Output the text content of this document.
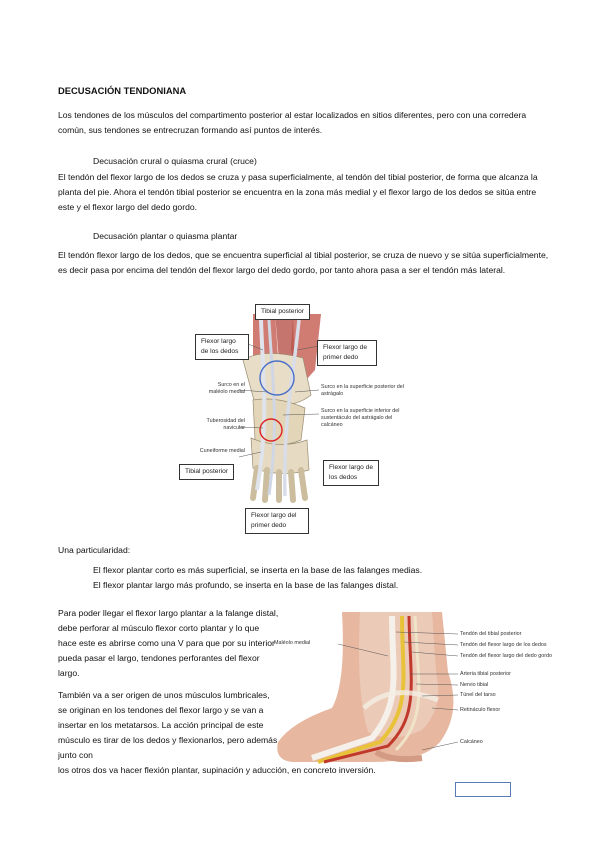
DECUSACIÓN TENDONIANA
Los tendones de los músculos del compartimento posterior al estar localizados en sitios diferentes, pero con una corredera común, sus tendones se entrecruzan formando así puntos de interés.
Decusación crural o quiasma crural (cruce)
El tendón del flexor largo de los dedos se cruza y pasa superficialmente, al tendón del tibial posterior, de forma que alcanza la planta del pie. Ahora el tendón tibial posterior se encuentra en la zona más medial y el flexor largo de los dedos se sitúa entre este y el flexor largo del dedo gordo.
Decusación plantar o quiasma plantar
El tendón flexor largo de los dedos, que se encuentra superficial al tibial posterior, se cruza de nuevo y se sitúa superficialmente, es decir pasa por encima del tendón del flexor largo del dedo gordo, por tanto ahora pasa a ser el tendón más lateral.
Tibial posterior
Flexor largo de los dedos
Flexor largo de primer dedo
Surco en el maléolo medial
Tuberosidad del navicular
Cuneiforme medial
Surco en la superficie posterior del astrágalo
Surco en la superficie inferior del sustentáculo del astrágalo del calcáneo
Tibial posterior
Flexor largo de los dedos
Flexor largo del primer dedo
Una particularidad:
El flexor plantar corto es más superficial, se inserta en la base de las falanges medias.
El flexor plantar largo más profundo, se inserta en la base de las falanges distal.
Para poder llegar el flexor largo plantar a la falange distal, debe perforar al músculo flexor corto plantar y lo que hace este es abrirse como una V para que por su interior pueda pasar el largo, tendones perforantes del flexor largo.
También va a ser origen de unos músculos lumbricales, se originan en los tendones del flexor largo y se van a insertar en los metatarsos. La acción principal de este músculo es tirar de los dedos y flexionarlos, pero además junto con
los otros dos va hacer flexión plantar, supinación y aducción, en concreto inversión.
Maléolo medial
Tendón del tibial posterior
Tendón del flexor largo de los dedos
Tendón del flexor largo del dedo gordo
Arteria tibial posterior
Nervio tibial
Túnel del tarso
Retináculo flexor
Calcáneo
